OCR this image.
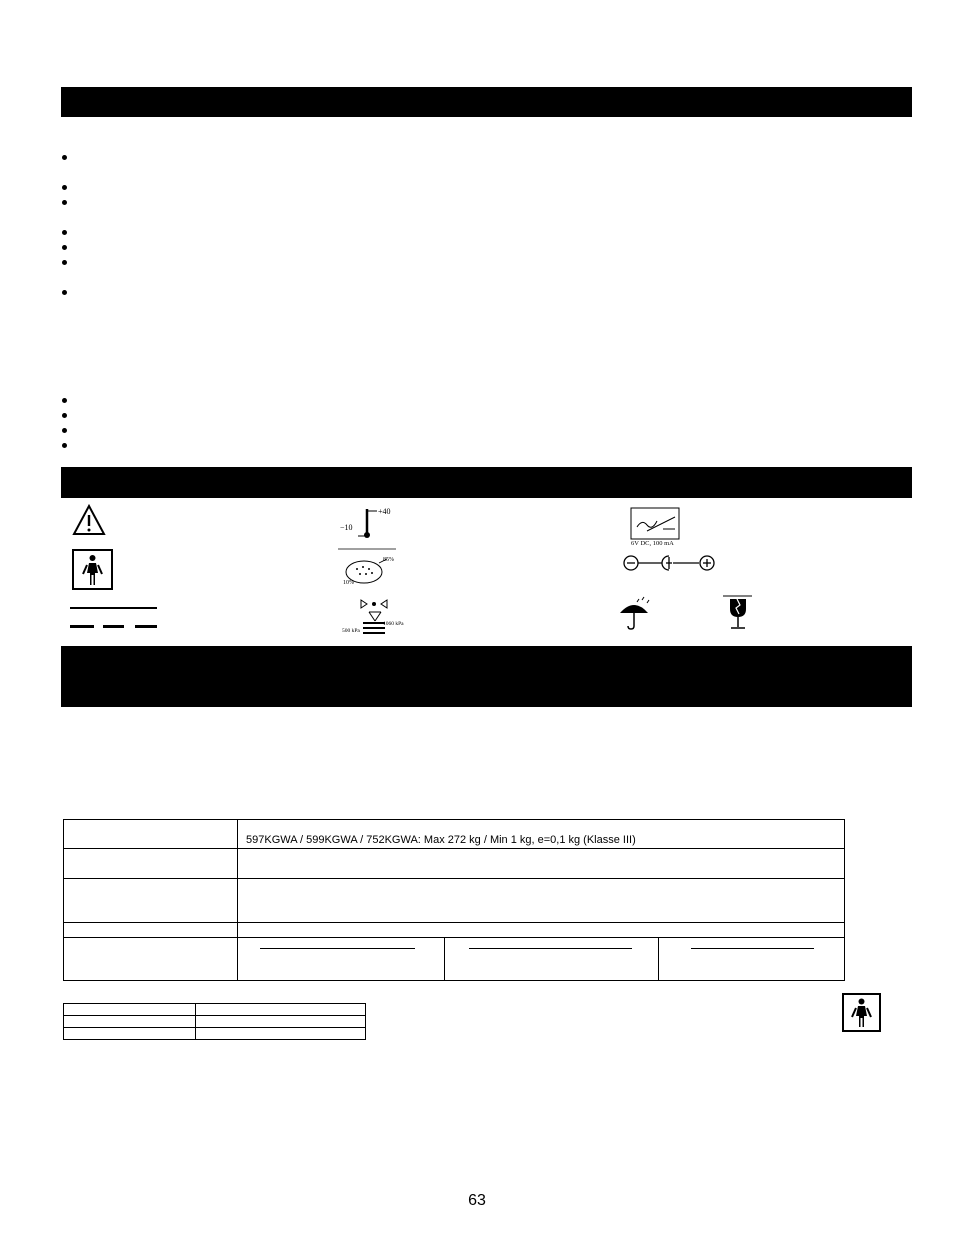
+40
−10
6V DC, 100 mA
85%
10%
1060 kPa
500 kPa

	597KGWA / 599KGWA / 752KGWA: Max 272 kg / Min 1 kg, e=0,1 kg (Klasse III)		

63
